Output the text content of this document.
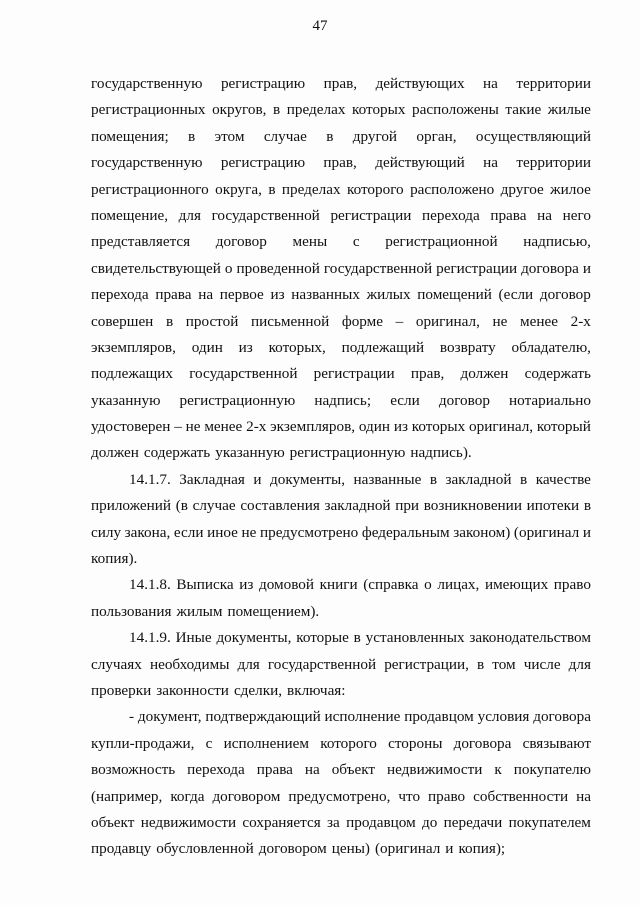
47
государственную регистрацию прав, действующих на территории
регистрационных округов, в пределах которых расположены такие жилые
помещения; в этом случае в другой орган, осуществляющий
государственную регистрацию прав, действующий на территории
регистрационного округа, в пределах которого расположено другое жилое
помещение, для государственной регистрации перехода права на него
представляется договор мены с регистрационной надписью,
свидетельствующей о проведенной государственной регистрации договора и
перехода права на первое из названных жилых помещений (если договор
совершен в простой письменной форме – оригинал, не менее 2-х
экземпляров, один из которых, подлежащий возврату обладателю,
подлежащих государственной регистрации прав, должен содержать
указанную регистрационную надпись; если договор нотариально
удостоверен – не менее 2-х экземпляров, один из которых оригинал, который
должен содержать указанную регистрационную надпись).
14.1.7. Закладная и документы, названные в закладной в качестве
приложений (в случае составления закладной при возникновении ипотеки в
силу закона, если иное не предусмотрено федеральным законом) (оригинал и
копия).
14.1.8. Выписка из домовой книги (справка о лицах, имеющих право
пользования жилым помещением).
14.1.9. Иные документы, которые в установленных законодательством
случаях необходимы для государственной регистрации, в том числе для
проверки законности сделки, включая:
- документ, подтверждающий исполнение продавцом условия договора
купли-продажи, с исполнением которого стороны договора связывают
возможность перехода права на объект недвижимости к покупателю
(например, когда договором предусмотрено, что право собственности на
объект недвижимости сохраняется за продавцом до передачи покупателем
продавцу обусловленной договором цены) (оригинал и копия);
